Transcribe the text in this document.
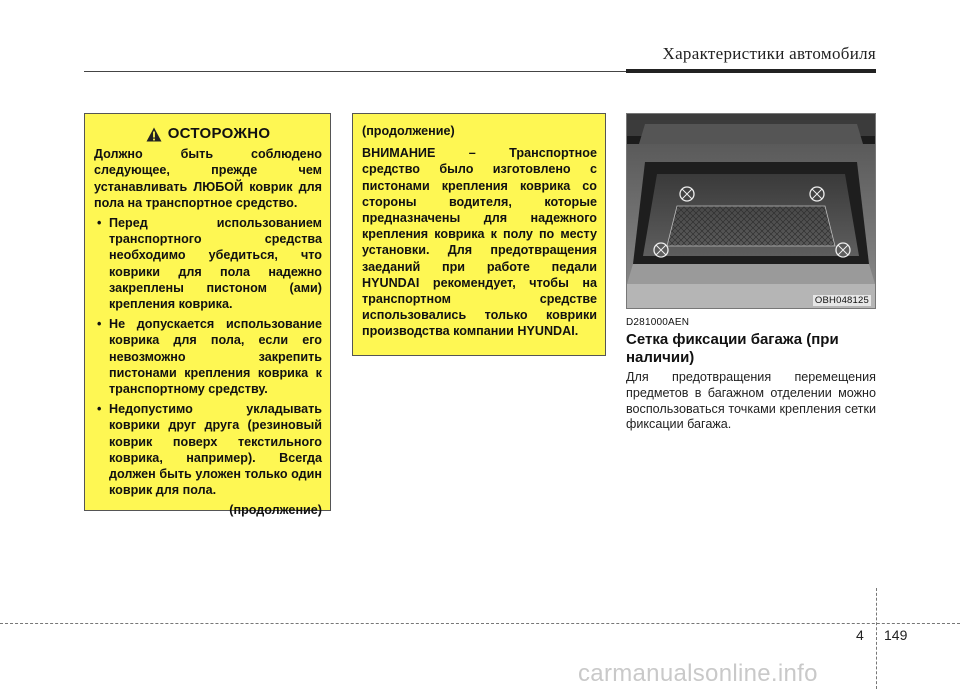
Характеристики автомобиля
ОСТОРОЖНО
Должно быть соблюдено следующее, прежде чем устанавливать ЛЮБОЙ коврик для пола на транспортное средство.
• Перед использованием транспортного средства необходимо убедиться, что коврики для пола надежно закреплены пистоном (ами) крепления коврика.
• Не допускается использование коврика для пола, если его невозможно закрепить пистонами крепления коврика к транспортному средству.
• Недопустимо укладывать коврики друг друга (резиновый коврик поверх текстильного коврика, например). Всегда должен быть уложен только один коврик для пола.
(продолжение)
(продолжение)
ВНИМАНИЕ – Транспортное средство было изготовлено с пистонами крепления коврика со стороны водителя, которые предназначены для надежного крепления коврика к полу по месту установки. Для предотвращения заеданий при работе педали HYUNDAI рекомендует, чтобы на транспортном средстве использовались только коврики производства компании HYUNDAI.
OBH048125
D281000AEN
Сетка фиксации багажа (при наличии)
Для предотвращения перемещения предметов в багажном отделении можно воспользоваться точками крепления сетки фиксации багажа.
4 149
carmanualsonline.info
